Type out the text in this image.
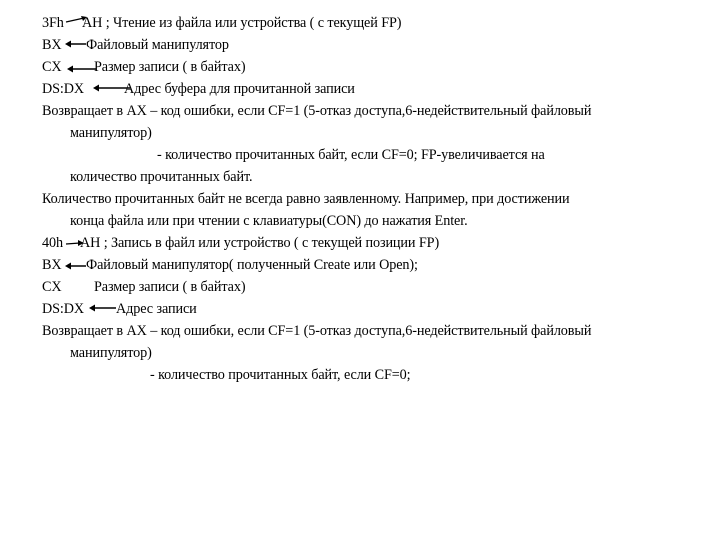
3Fh AH ; Чтение из файла или устройства ( с текущей FP)
BX Файловый манипулятор
CX Размер записи ( в байтах)
DS:DX	Адрес буфера для прочитанной записи
Возвращает в AX – код ошибки, если CF=1 (5-отказ доступа,6-недействительный файловый
манипулятор)
- количество прочитанных байт, если CF=0; FP-увеличивается на
количество прочитанных байт.
Количество прочитанных байт не всегда равно заявленному. Например, при достижении
конца файла или при чтении с клавиатуры(CON) до нажатия Enter.
40h AH ; Запись в файл или устройство ( с текущей позиции FP)
BX Файловый манипулятор( полученный Create или Open);
CX Размер записи ( в байтах)
DS:DX Адрес записи
Возвращает в AX – код ошибки, если CF=1 (5-отказ доступа,6-недействительный файловый
манипулятор)
- количество прочитанных байт, если CF=0;
